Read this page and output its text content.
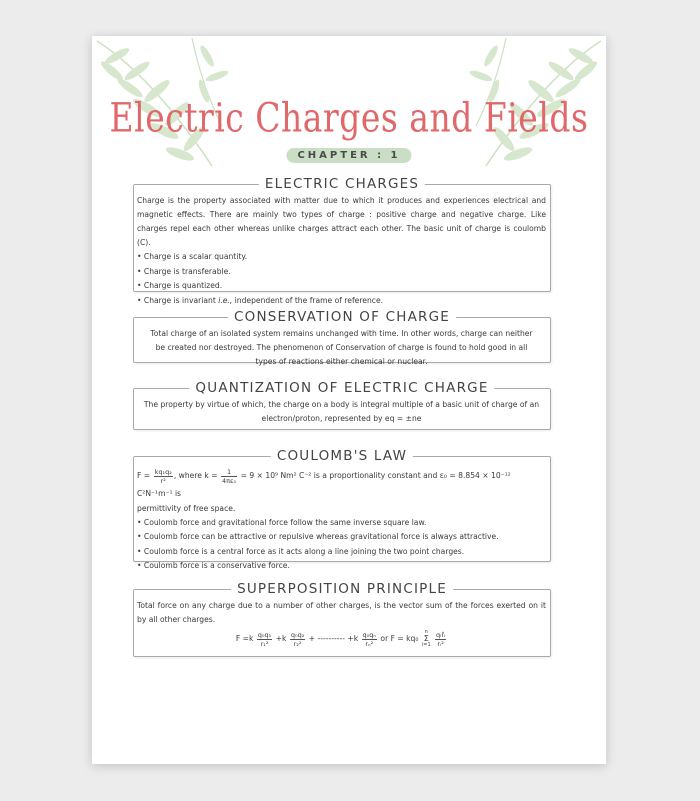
Electric Charges and Fields
CHAPTER : 1
ELECTRIC CHARGES

Charge is the property associated with matter due to which it produces and experiences electrical and magnetic effects. There are mainly two types of charge : positive charge and negative charge. Like charges repel each other whereas unlike charges attract each other. The basic unit of charge is coulomb (C).

• Charge is a scalar quantity.
• Charge is transferable.
• Charge is quantized.
• Charge is invariant i.e., independent of the frame of reference.
CONSERVATION OF CHARGE

Total charge of an isolated system remains unchanged with time. In other words, charge can neither be created nor destroyed. The phenomenon of Conservation of charge is found to hold good in all types of reactions either chemical or nuclear.

QUANTIZATION OF ELECTRIC CHARGE

The property by virtue of which, the charge on a body is integral multiple of a basic unit of charge of an electron/proton, represented by eq = ±ne

COULOMB'S LAW
$F = \frac{\text{kq₁q₂}}{\text{r²}}$ , where $k = \frac{1}{\text{4πε₀}} = 9 \times 10^9$ Nm² C⁻² is a proportionality constant and ε₀ = 8.854 × 10⁻¹² C²N⁻¹m⁻¹ is
permittivity of free space.
• Coulomb force and gravitational force follow the same inverse square law.
• Coulomb force can be attractive or repulsive whereas gravitational force is always attractive.
• Coulomb force is a central force as it acts along a line joining the two point charges.
• Coulomb force is a conservative force.
SUPERPOSITION PRINCIPLE

Total force on any charge due to a number of other charges, is the vector sum of the forces exerted on it by all other charges.

$F =k \frac{\text{q₀q₁}}{\text{r₁²}} +k \frac{\text{q₀q₂}}{\text{r₂²}}$ + ---------- $+k \frac{\text{q₀qₙ}}{\text{rₙ²}}$ or F = kq₀
n
Σ
i=1
$\frac{\text{qᵢr̂ᵢ}}{\text{rᵢ²}}$
